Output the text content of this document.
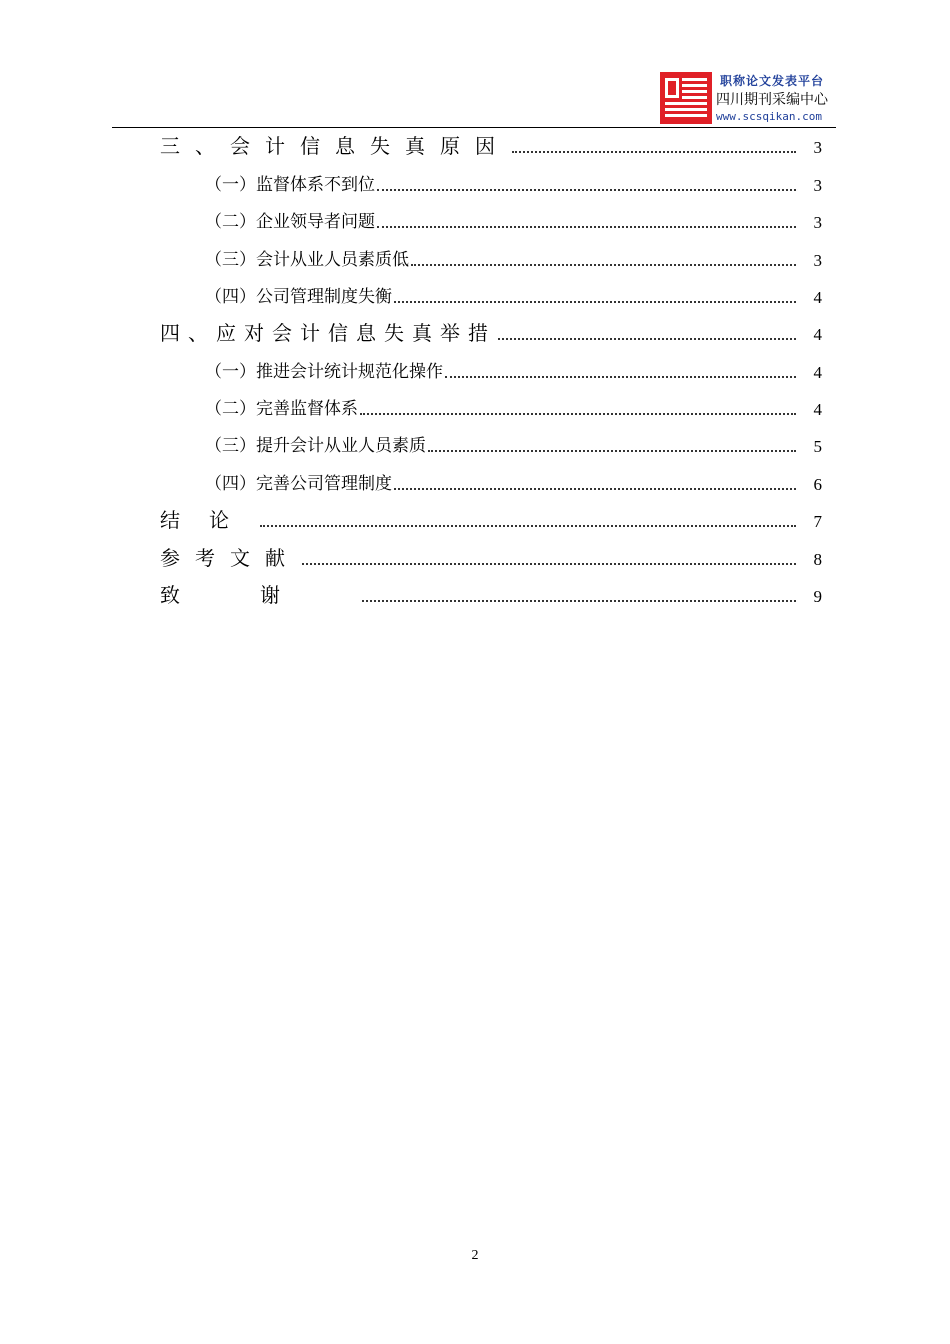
职称论文发表平台
四川期刊采编中心
www.scsqikan.com
三、会计信息失真原因	3
（一）监督体系不到位	3
（二）企业领导者问题	3
（三）会计从业人员素质低	3
（四）公司管理制度失衡	4
四、应对会计信息失真举措	4
（一）推进会计统计规范化操作	4
（二）完善监督体系	4
（三）提升会计从业人员素质	5
（四）完善公司管理制度	6
结论	7
参考文献	8
致谢	9
2
